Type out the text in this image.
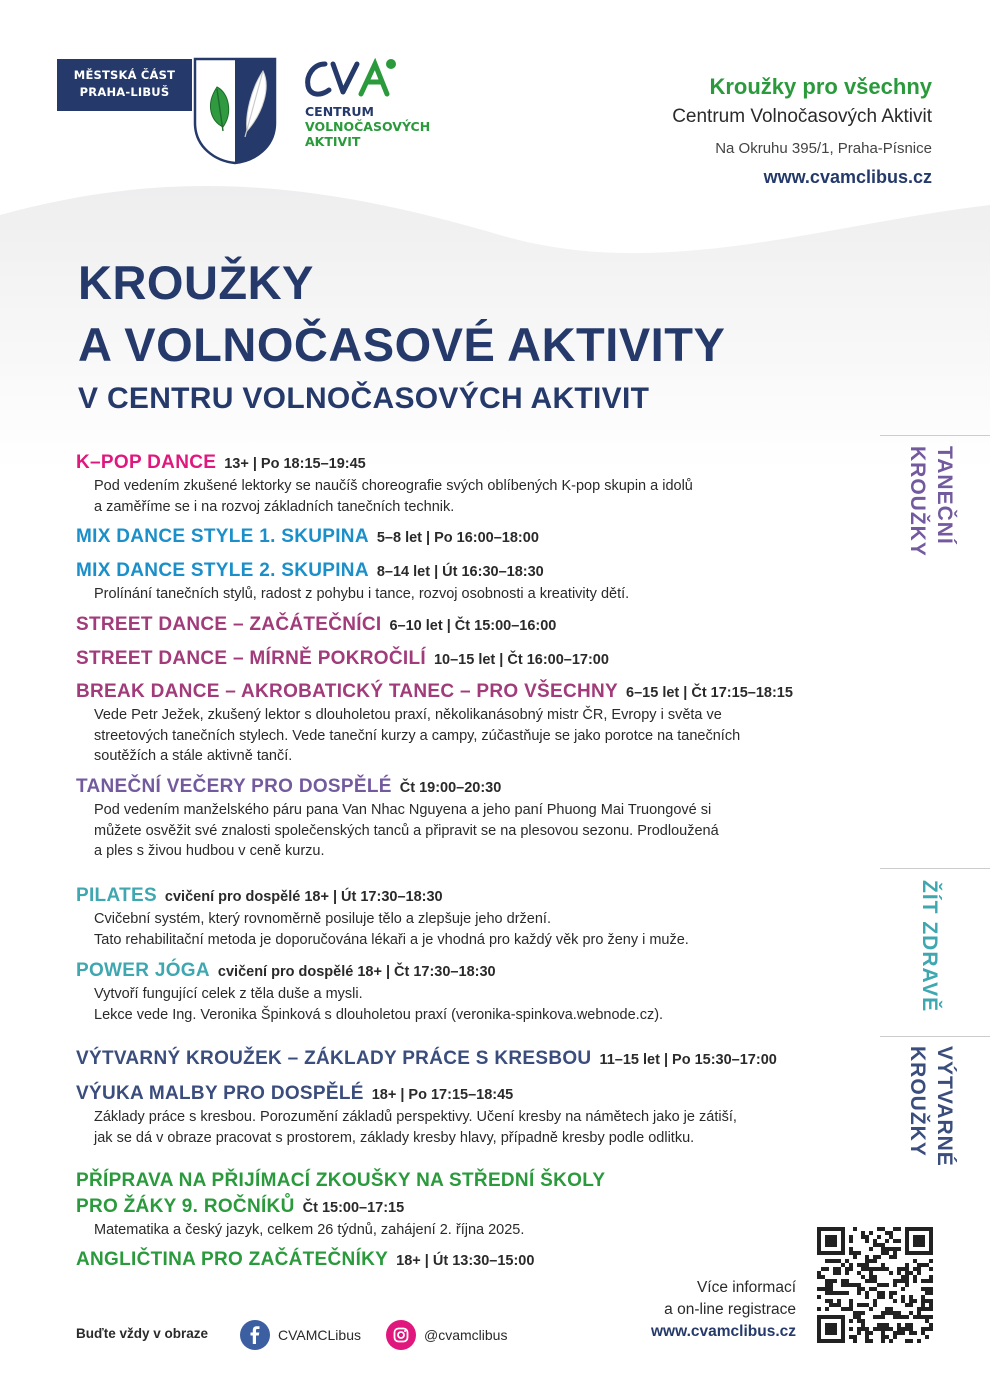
MĚSTSKÁ ČÁST
PRAHA-LIBUŠ
CENTRUM
VOLNOČASOVÝCH
AKTIVIT
Kroužky pro všechny
Centrum Volnočasových Aktivit
Na Okruhu 395/1, Praha-Písnice
www.cvamclibus.cz
KROUŽKY
A VOLNOČASOVÉ AKTIVITY
V CENTRU VOLNOČASOVÝCH AKTIVIT
K–POP DANCE 13+ | Po 18:15–19:45
Pod vedením zkušené lektorky se naučíš choreografie svých oblíbených K-pop skupin a idolů
a zaměříme se i na rozvoj základních tanečních technik.
MIX DANCE STYLE 1. SKUPINA 5–8 let | Po 16:00–18:00
MIX DANCE STYLE 2. SKUPINA 8–14 let | Út 16:30–18:30
Prolínání tanečních stylů, radost z pohybu i tance, rozvoj osobnosti a kreativity dětí.
STREET DANCE – ZAČÁTEČNÍCI 6–10 let | Čt 15:00–16:00
STREET DANCE – MÍRNĚ POKROČILÍ 10–15 let | Čt 16:00–17:00
BREAK DANCE – AKROBATICKÝ TANEC – PRO VŠECHNY 6–15 let | Čt 17:15–18:15
Vede Petr Ježek, zkušený lektor s dlouholetou praxí, několikanásobný mistr ČR, Evropy i světa ve
streetových tanečních stylech. Vede taneční kurzy a campy, zúčastňuje se jako porotce na tanečních
soutěžích a stále aktivně tančí.
TANEČNÍ VEČERY PRO DOSPĚLÉ Čt 19:00–20:30
Pod vedením manželského páru pana Van Nhac Nguyena a jeho paní Phuong Mai Truongové si
můžete osvěžit své znalosti společenských tanců a připravit se na plesovou sezonu. Prodloužená
a ples s živou hudbou v ceně kurzu.
PILATES cvičení pro dospělé 18+ | Út 17:30–18:30
Cvičební systém, který rovnoměrně posiluje tělo a zlepšuje jeho držení.
Tato rehabilitační metoda je doporučována lékaři a je vhodná pro každý věk pro ženy i muže.
POWER JÓGA cvičení pro dospělé 18+ | Čt 17:30–18:30
Vytvoří fungující celek z těla duše a mysli.
Lekce vede Ing. Veronika Špinková s dlouholetou praxí (veronika-spinkova.webnode.cz).
VÝTVARNÝ KROUŽEK – ZÁKLADY PRÁCE S KRESBOU 11–15 let | Po 15:30–17:00
VÝUKA MALBY PRO DOSPĚLÉ 18+ | Po 17:15–18:45
Základy práce s kresbou. Porozumění základů perspektivy. Učení kresby na námětech jako je zátiší,
jak se dá v obraze pracovat s prostorem, základy kresby hlavy, případně kresby podle odlitku.
PŘÍPRAVA NA PŘIJÍMACÍ ZKOUŠKY NA STŘEDNÍ ŠKOLY
PRO ŽÁKY 9. ROČNÍKŮ Čt 15:00–17:15
Matematika a český jazyk, celkem 26 týdnů, zahájení 2. října 2025.
ANGLIČTINA PRO ZAČÁTEČNÍKY 18+ | Út 13:30–15:00
TANEČNÍ
KROUŽKY
ŽÍT ZDRAVĚ
VÝTVARNÉ
KROUŽKY
Více informací
a on-line registrace
www.cvamclibus.cz
Buďte vždy v obraze	CVAMCLibus	@cvamclibus
